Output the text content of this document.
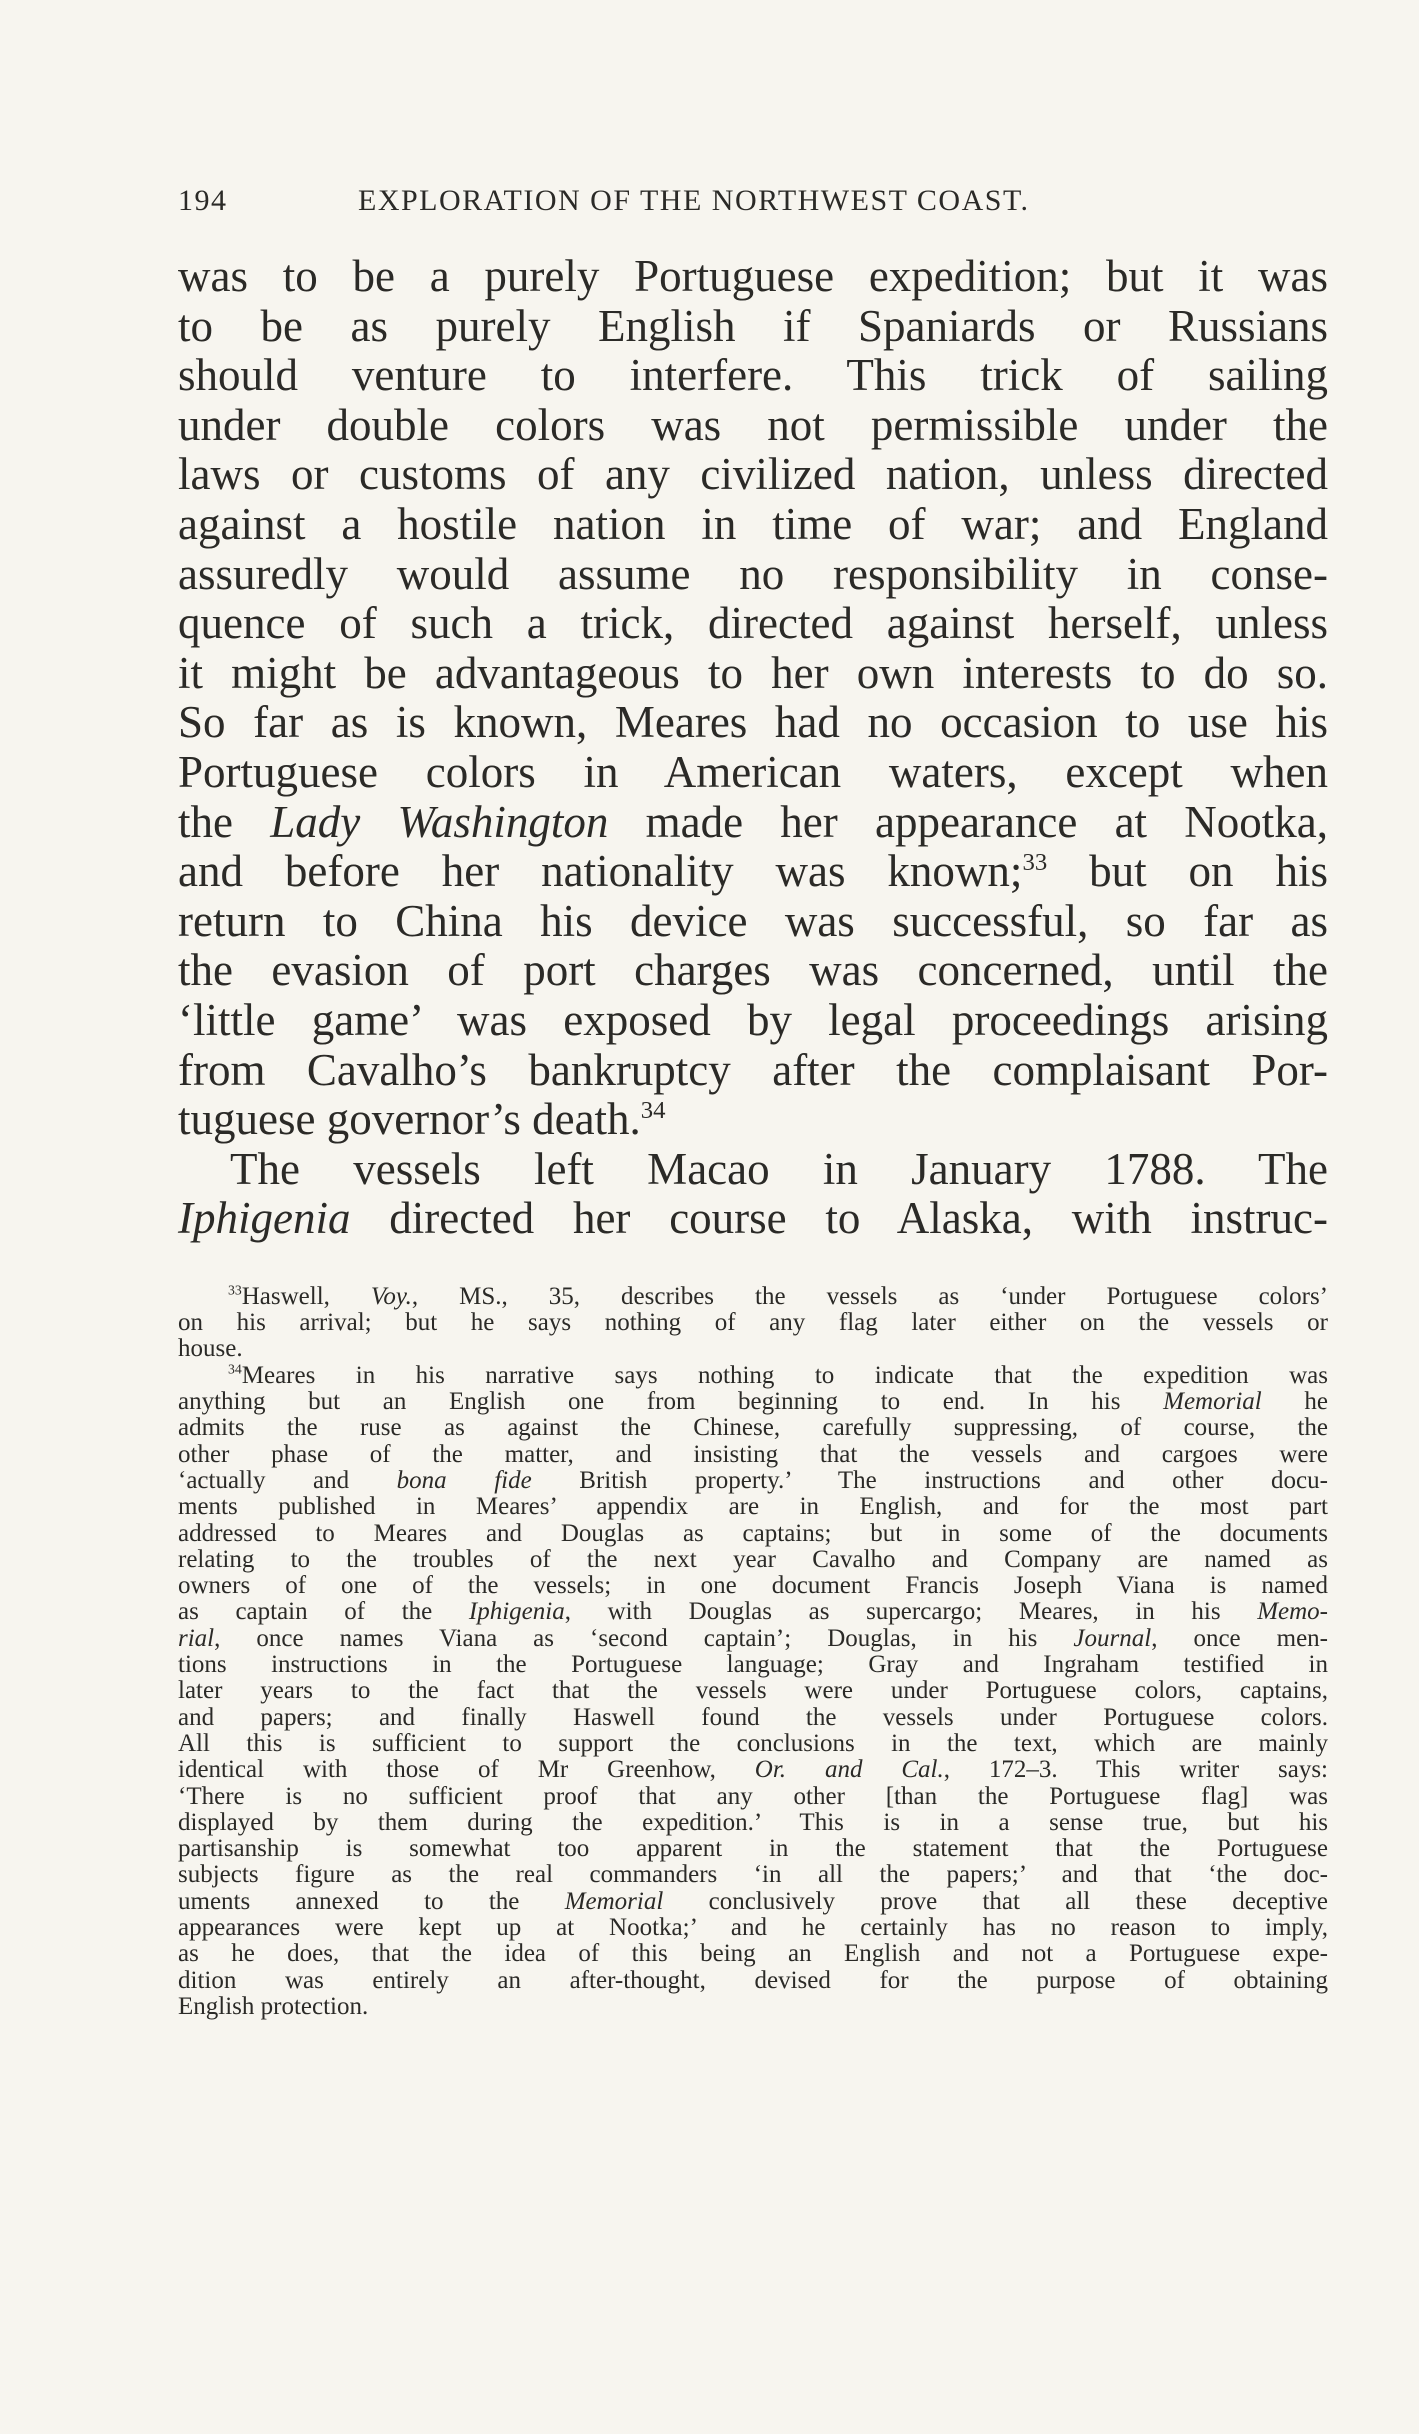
194	EXPLORATION OF THE NORTHWEST COAST.
was to be a purely Portuguese expedition; but it was
to be as purely English if Spaniards or Russians
should venture to interfere. This trick of sailing
under double colors was not permissible under the
laws or customs of any civilized nation, unless directed
against a hostile nation in time of war; and England
assuredly would assume no responsibility in conse-
quence of such a trick, directed against herself, unless
it might be advantageous to her own interests to do so.
So far as is known, Meares had no occasion to use his
Portuguese colors in American waters, except when
the Lady Washington made her appearance at Nootka,
and before her nationality was known;$^{33}$ but on his
return to China his device was successful, so far as
the evasion of port charges was concerned, until the
‘little game’ was exposed by legal proceedings arising
from Cavalho’s bankruptcy after the complaisant Por-
tuguese governor’s death.$^{34}$
The vessels left Macao in January 1788. The
Iphigenia directed her course to Alaska, with instruc-
$^{33}$Haswell, Voy., MS., 35, describes the vessels as ‘under Portuguese colors’
on his arrival; but he says nothing of any flag later either on the vessels or
house.
$^{34}$Meares in his narrative says nothing to indicate that the expedition was
anything but an English one from beginning to end. In his Memorial he
admits the ruse as against the Chinese, carefully suppressing, of course, the
other phase of the matter, and insisting that the vessels and cargoes were
‘actually and bona fide British property.’ The instructions and other docu-
ments published in Meares’ appendix are in English, and for the most part
addressed to Meares and Douglas as captains; but in some of the documents
relating to the troubles of the next year Cavalho and Company are named as
owners of one of the vessels; in one document Francis Joseph Viana is named
as captain of the Iphigenia, with Douglas as supercargo; Meares, in his Memo-
rial, once names Viana as ‘second captain’; Douglas, in his Journal, once men-
tions instructions in the Portuguese language; Gray and Ingraham testified in
later years to the fact that the vessels were under Portuguese colors, captains,
and papers; and finally Haswell found the vessels under Portuguese colors.
All this is sufficient to support the conclusions in the text, which are mainly
identical with those of Mr Greenhow, Or. and Cal., 172–3. This writer says:
‘There is no sufficient proof that any other [than the Portuguese flag] was
displayed by them during the expedition.’ This is in a sense true, but his
partisanship is somewhat too apparent in the statement that the Portuguese
subjects figure as the real commanders ‘in all the papers;’ and that ‘the doc-
uments annexed to the Memorial conclusively prove that all these deceptive
appearances were kept up at Nootka;’ and he certainly has no reason to imply,
as he does, that the idea of this being an English and not a Portuguese expe-
dition was entirely an after-thought, devised for the purpose of obtaining
English protection.
